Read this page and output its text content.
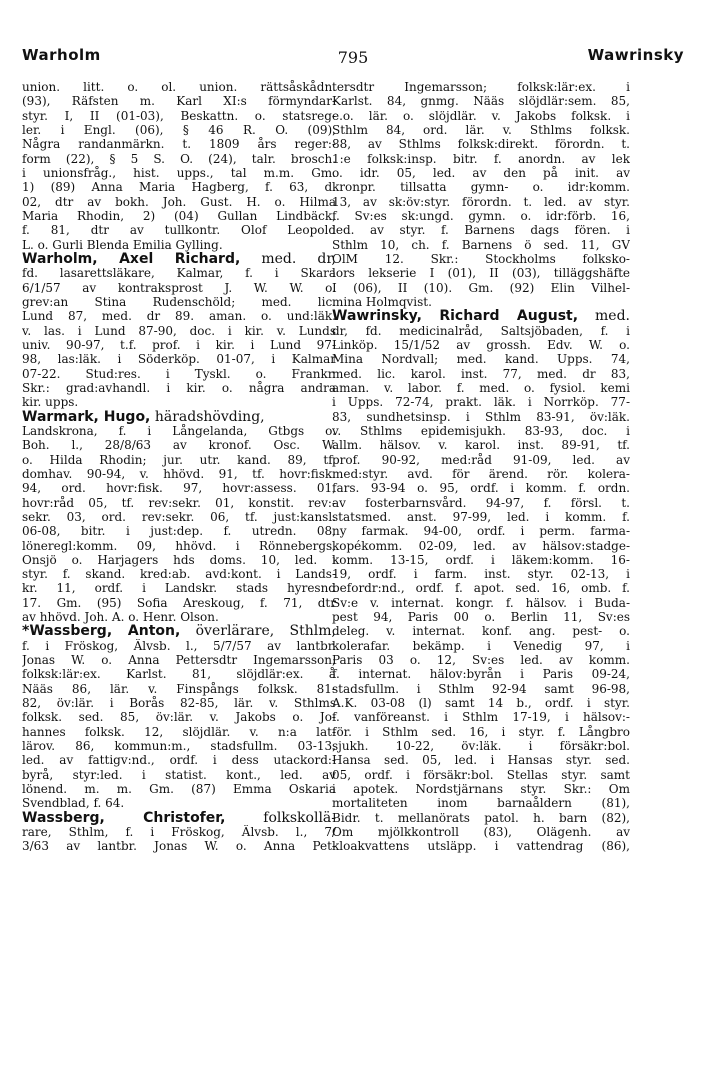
Warholm	795	Wawrinsky
union. litt. o. ol. union. rättsåskådn.
(93), Räfsten m. Karl XI:s förmyndar-
styr. I, II (01-03), Beskattn. o. statsreg-
ler. i Engl. (06), § 46 R. O. (09),
Några randanmärkn. t. 1809 års reger:-
form (22), § 5 S. O. (24), talr. brosch.
i unionsfråg., hist. upps., tal m.m. Gm.
1) (89) Anna Maria Hagberg, f. 63, d.
02, dtr av bokh. Joh. Gust. H. o. Hilma
Maria Rhodin, 2) (04) Gullan Lindbäck,
f. 81, dtr av tullkontr. Olof Leopold
L. o. Gurli Blenda Emilia Gylling.
Warholm, Axel Richard, med. dr,
fd. lasarettsläkare, Kalmar, f. i Skara
6/1/57 av kontraksprost J. W. W. o.
grev:an Stina Rudenschöld; med. lic.
Lund 87, med. dr 89. aman. o. und:läk.
v. las. i Lund 87-90, doc. i kir. v. Lunds
univ. 90-97, t.f. prof. i kir. i Lund 97-
98, las:läk. i Söderköp. 01-07, i Kalmar
07-22. Stud:res. i Tyskl. o. Frankr.
Skr.: grad:avhandl. i kir. o. några andra
kir. upps.
Warmark, Hugo, häradshövding,
Landskrona, f. i Långelanda, Gtbgs o.
Boh. l., 28/8/63 av kronof. Osc. W.
o. Hilda Rhodin; jur. utr. kand. 89, tf.
domhav. 90-94, v. hhövd. 91, tf. hovr:fisk.
94, ord. hovr:fisk. 97, hovr:assess. 01,
hovr:råd 05, tf. rev:sekr. 01, konstit. rev:-
sekr. 03, ord. rev:sekr. 06, tf. just:kansl.
06-08, bitr. i just:dep. f. utredn. 08,
löneregl:komm. 09, hhövd. i Rönnebergs,
Onsjö o. Harjagers hds doms. 10, led. i
styr. f. skand. kred:ab. avd:kont. i Lands-
kr. 11, ordf. i Landskr. stads hyresnd
17. Gm. (95) Sofia Areskoug, f. 71, dtr
av hhövd. Joh. A. o. Henr. Olson.
*Wassberg, Anton, överlärare, Sthlm,
f. i Fröskog, Älvsb. l., 5/7/57 av lantbr.
Jonas W. o. Anna Pettersdtr Ingemarsson;
folksk:lär:ex. Karlst. 81, slöjdlär:ex. å
Nääs 86, lär. v. Finspångs folksk. 81-
82, öv:lär. i Borås 82-85, lär. v. Sthlms
folksk. sed. 85, öv:lär. v. Jakobs o. Jo-
hannes folksk. 12, slöjdlär. v. n:a lat-
lärov. 86, kommun:m., stadsfullm. 03-13,
led. av fattigv:nd., ordf. i dess utackord:-
byrå, styr:led. i statist. kont., led. av
lönend. m. m. Gm. (87) Emma Oskaria
Svendblad, f. 64.
Wassberg, Christofer, folkskollä-
rare, Sthlm, f. i Fröskog, Älvsb. l., 7/
3/63 av lantbr. Jonas W. o. Anna Pet-
tersdtr Ingemarsson; folksk:lär:ex. i
Karlst. 84, gnmg. Nääs slöjdlär:sem. 85,
e.o. lär. o. slöjdlär. v. Jakobs folksk. i
Sthlm 84, ord. lär. v. Sthlms folksk.
88, av Sthlms folksk:direkt. förordn. t.
1:e folksk:insp. bitr. f. anordn. av lek
o. idr. 05, led. av den på init. av
kronpr. tillsatta gymn- o. idr:komm.
13, av sk:öv:styr. förordn. t. led. av styr.
f. Sv:es sk:ungd. gymn. o. idr:förb. 16,
led. av styr. f. Barnens dags fören. i
Sthlm 10, ch. f. Barnens ö sed. 11, GV
OlM 12. Skr.: Stockholms folksko-
lors lekserie I (01), II (03), tilläggshäfte
I (06), II (10). Gm. (92) Elin Vilhel-
mina Holmqvist.
Wawrinsky, Richard August, med.
dr, fd. medicinalråd, Saltsjöbaden, f. i
Linköp. 15/1/52 av grossh. Edv. W. o.
Mina Nordvall; med. kand. Upps. 74,
med. lic. karol. inst. 77, med. dr 83,
aman. v. labor. f. med. o. fysiol. kemi
i Upps. 72-74, prakt. läk. i Norrköp. 77-
83, sundhetsinsp. i Sthlm 83-91, öv:läk.
v. Sthlms epidemisjukh. 83-93, doc. i
allm. hälsov. v. karol. inst. 89-91, tf.
prof. 90-92, med:råd 91-09, led. av
med:styr. avd. för ärend. rör. kolera-
fars. 93-94 o. 95, ordf. i komm. f. ordn.
av fosterbarnsvård. 94-97, f. försl. t.
statsmed. anst. 97-99, led. i komm. f.
ny farmak. 94-00, ordf. i perm. farma-
kopékomm. 02-09, led. av hälsov:stadge-
komm. 13-15, ordf. i läkem:komm. 16-
19, ordf. i farm. inst. styr. 02-13, i
befordr:nd., ordf. f. apot. sed. 16, omb. f.
Sv:e v. internat. kongr. f. hälsov. i Buda-
pest 94, Paris 00 o. Berlin 11, Sv:es
deleg. v. internat. konf. ang. pest- o.
kolerafar. bekämp. i Venedig 97, i
Paris 03 o. 12, Sv:es led. av komm.
f. internat. hälov:byrån i Paris 09-24,
stadsfullm. i Sthlm 92-94 samt 96-98,
A.K. 03-08 (l) samt 14 b., ordf. i styr.
f. vanföreanst. i Sthlm 17-19, i hälsov:-
för. i Sthlm sed. 16, i styr. f. Långbro
sjukh. 10-22, öv:läk. i försäkr:bol.
Hansa sed. 05, led. i Hansas styr. sed.
05, ordf. i försäkr:bol. Stellas styr. samt
i apotek. Nordstjärnans styr. Skr.: Om
mortaliteten inom barnaåldern (81),
Bidr. t. mellanörats patol. h. barn (82),
Om mjölkkontroll (83), Olägenh. av
kloakvattens utsläpp. i vattendrag (86),
